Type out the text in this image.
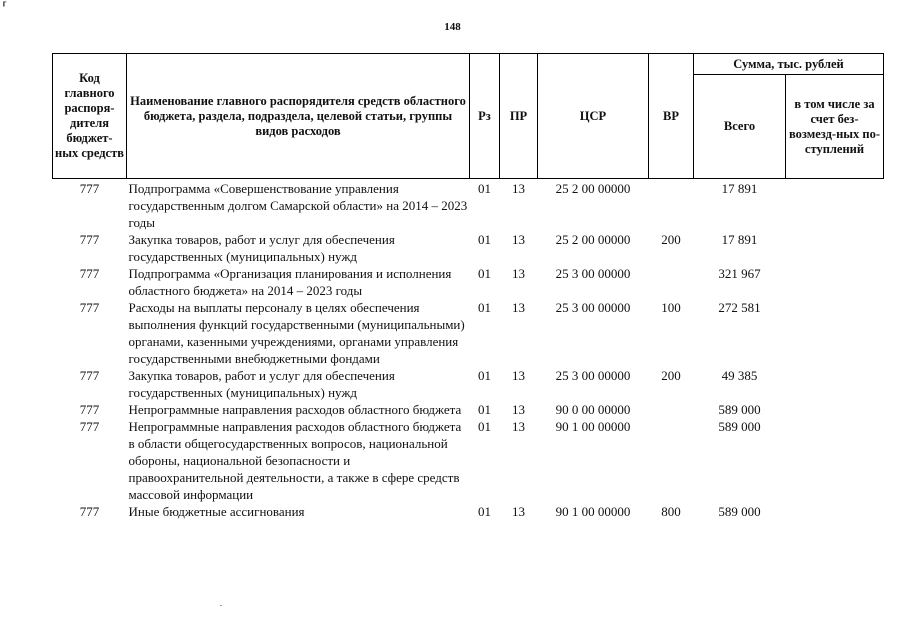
⸢
148
Код главного распоря-дителя бюджет-ных средств	Наименование главного распорядителя средств областного бюджета, раздела, подраздела, целевой статьи, группы видов расходов	Рз	ПР	ЦСР	ВР	Сумма, тыс. рублей	
						Всего	в том числе за счет без-возмезд-ных по-ступлений
777	Подпрограмма «Совершенствование управления государственным долгом Самарской области» на 2014 – 2023 годы	01	13	25 2 00 00000		17 891	
777	Закупка товаров, работ и услуг для обеспечения государственных (муниципальных) нужд	01	13	25 2 00 00000	200	17 891	
777	Подпрограмма «Организация планирования и исполнения областного бюджета» на 2014 – 2023 годы	01	13	25 3 00 00000		321 967	
777	Расходы на выплаты персоналу в целях обеспечения выполнения функций государственными (муниципальными) органами, казенными учреждениями, органами управления государственными внебюджетными фондами	01	13	25 3 00 00000	100	272 581	
777	Закупка товаров, работ и услуг для обеспечения государственных (муниципальных) нужд	01	13	25 3 00 00000	200	49 385	
777	Непрограммные направления расходов областного бюджета	01	13	90 0 00 00000		589 000	
777	Непрограммные направления расходов областного бюджета в области общегосударственных вопросов, национальной обороны, национальной безопасности и правоохранительной деятельности, а также в сфере средств массовой информации	01	13	90 1 00 00000		589 000	
777	Иные бюджетные ассигнования	01	13	90 1 00 00000	800	589 000	
